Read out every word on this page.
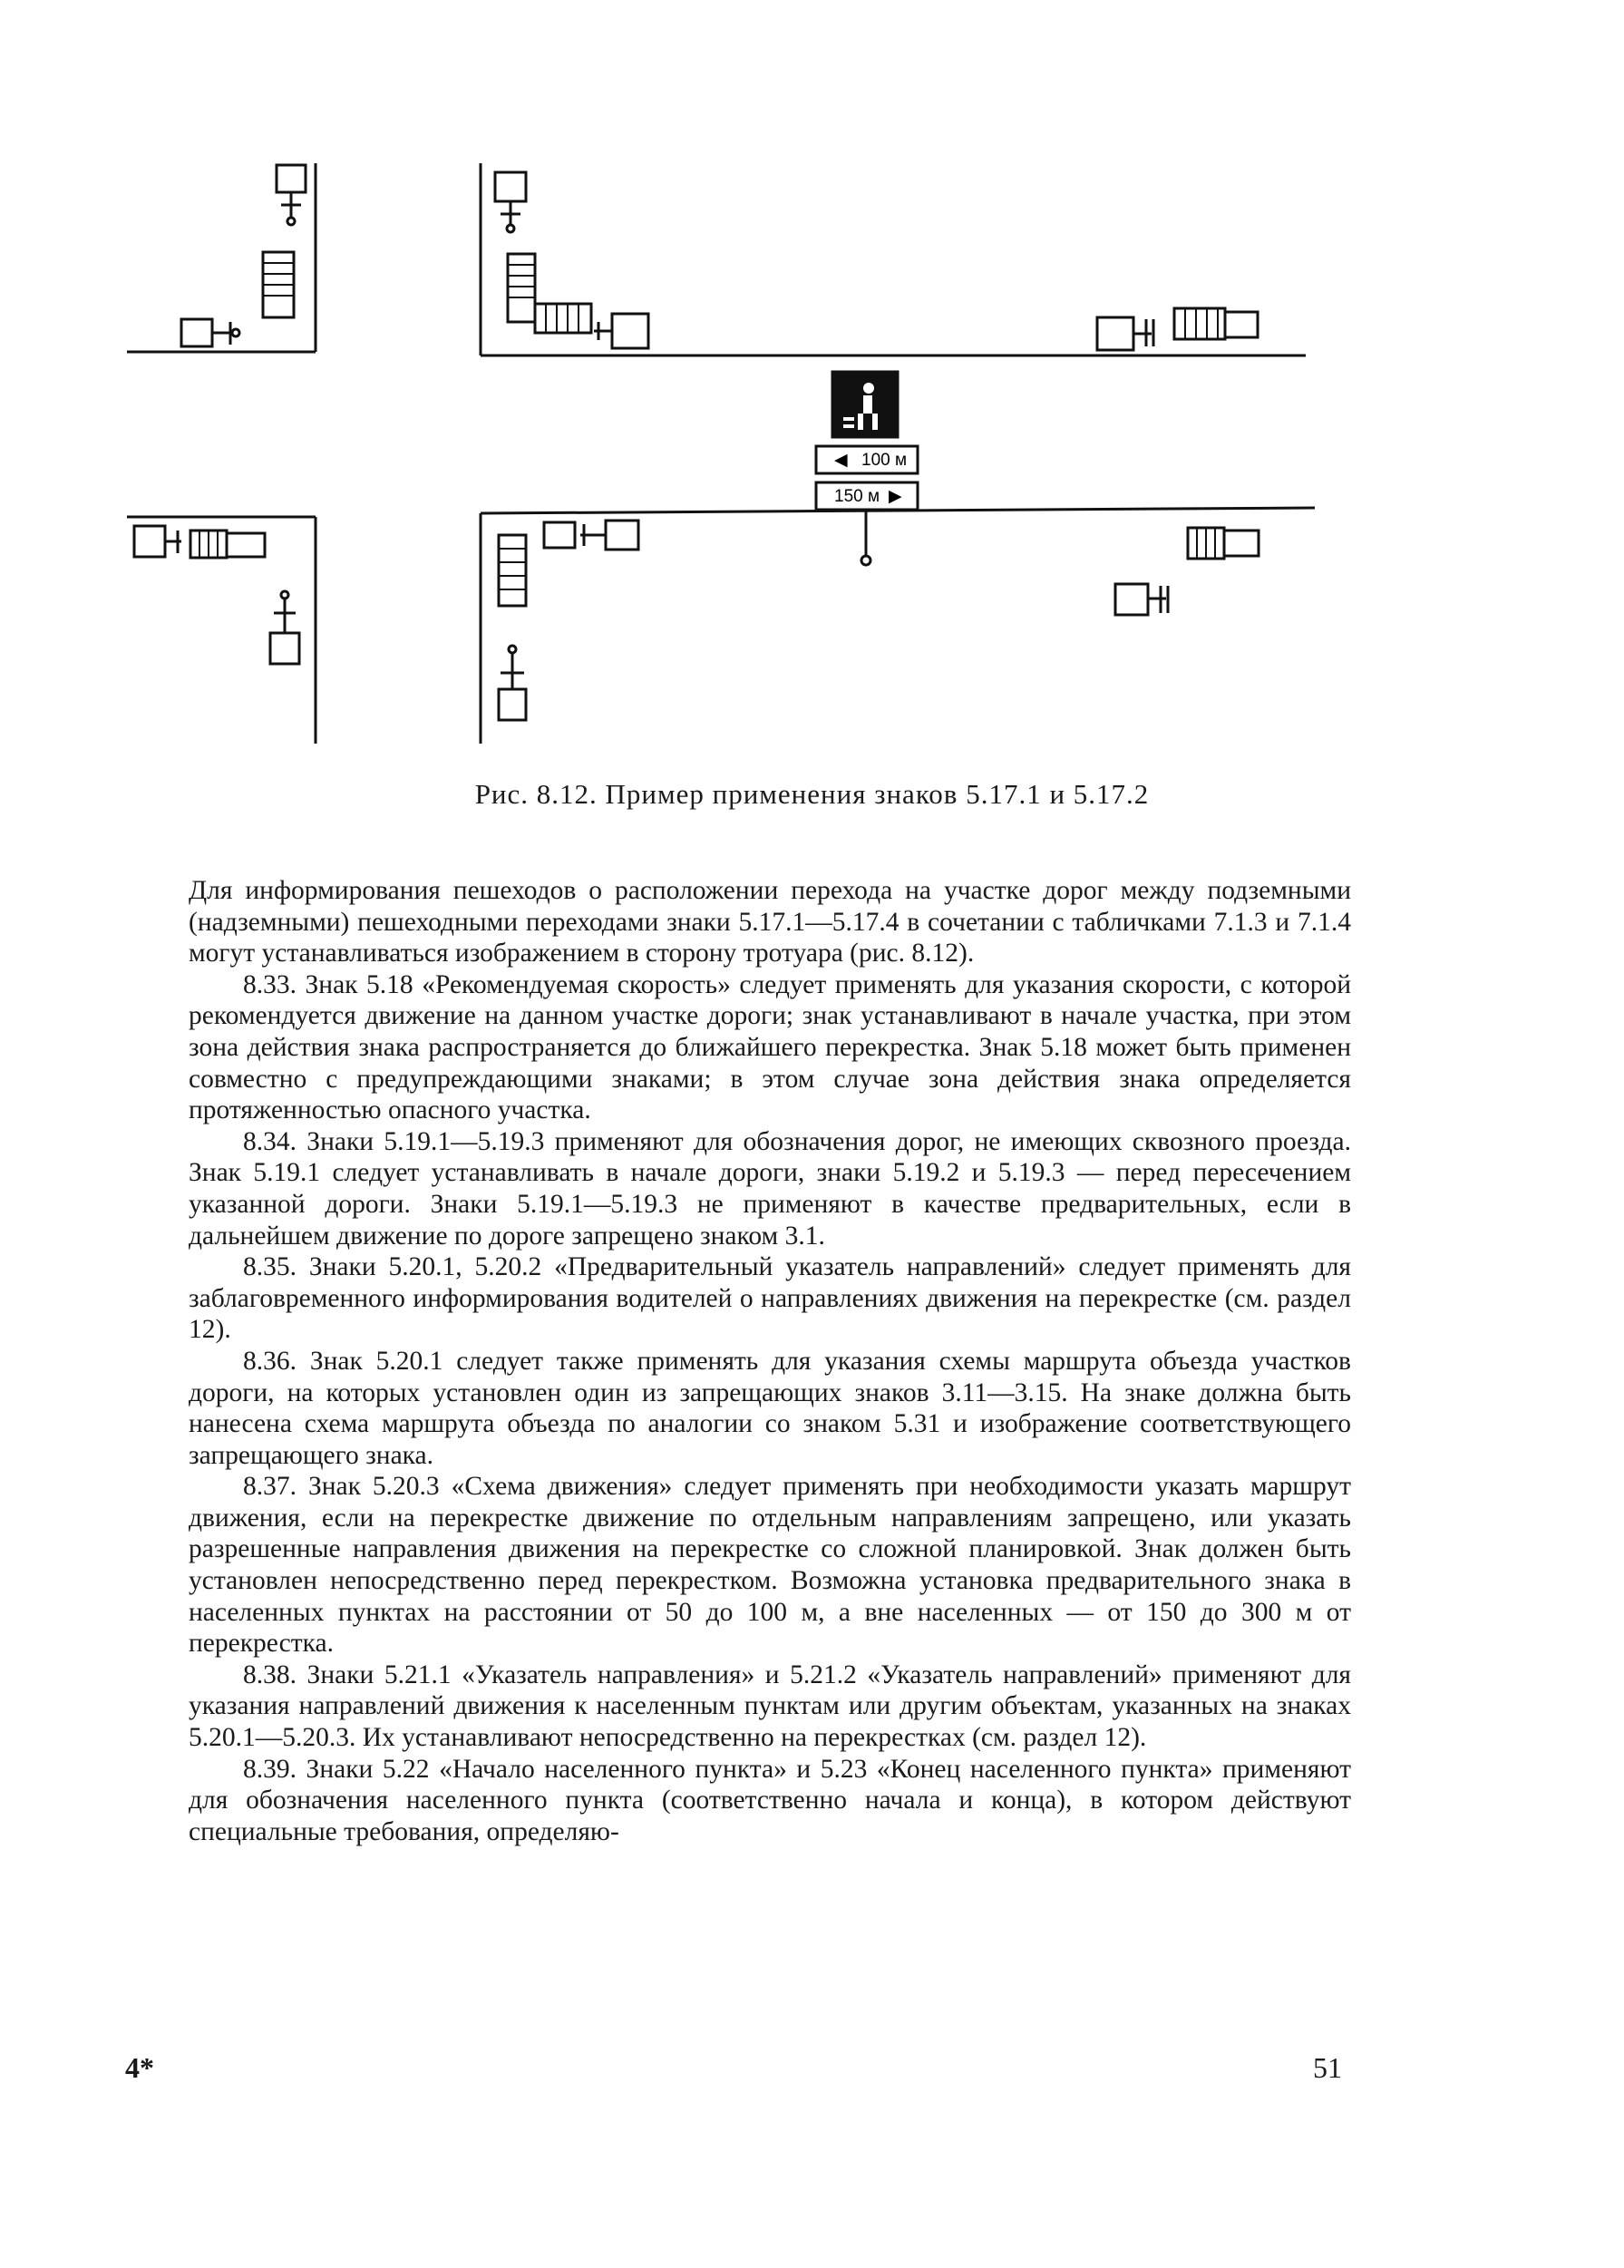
◀ 100 м
150 м ▶
Рис. 8.12. Пример применения знаков 5.17.1 и 5.17.2

Для информирования пешеходов о расположении перехода на участке дорог между подземными (надземными) пешеходными переходами знаки 5.17.1—5.17.4 в сочетании с табличками 7.1.3 и 7.1.4 могут устанавливаться изображением в сторону тротуара (рис. 8.12).

8.33. Знак 5.18 «Рекомендуемая скорость» следует применять для указания скорости, с которой рекомендуется движение на данном участке дороги; знак устанавливают в начале участка, при этом зона действия знака распространяется до ближайшего перекрестка. Знак 5.18 может быть применен совместно с предупреждающими знаками; в этом случае зона действия знака определяется протяженностью опасного участка.

8.34. Знаки 5.19.1—5.19.3 применяют для обозначения дорог, не имеющих сквозного проезда. Знак 5.19.1 следует устанавливать в начале дороги, знаки 5.19.2 и 5.19.3 — перед пересечением указанной дороги. Знаки 5.19.1—5.19.3 не применяют в качестве предварительных, если в дальнейшем движение по дороге запрещено знаком 3.1.

8.35. Знаки 5.20.1, 5.20.2 «Предварительный указатель направлений» следует применять для заблаговременного информирования водителей о направлениях движения на перекрестке (см. раздел 12).

8.36. Знак 5.20.1 следует также применять для указания схемы маршрута объезда участков дороги, на которых установлен один из запрещающих знаков 3.11—3.15. На знаке должна быть нанесена схема маршрута объезда по аналогии со знаком 5.31 и изображение соответствующего запрещающего знака.

8.37. Знак 5.20.3 «Схема движения» следует применять при необходимости указать маршрут движения, если на перекрестке движение по отдельным направлениям запрещено, или указать разрешенные направления движения на перекрестке со сложной планировкой. Знак должен быть установлен непосредственно перед перекрестком. Возможна установка предварительного знака в населенных пунктах на расстоянии от 50 до 100 м, а вне населенных — от 150 до 300 м от перекрестка.

8.38. Знаки 5.21.1 «Указатель направления» и 5.21.2 «Указатель направлений» применяют для указания направлений движения к населенным пунктам или другим объектам, указанных на знаках 5.20.1—5.20.3. Их устанавливают непосредственно на перекрестках (см. раздел 12).

8.39. Знаки 5.22 «Начало населенного пункта» и 5.23 «Конец населенного пункта» применяют для обозначения населенного пункта (соответственно начала и конца), в котором действуют специальные требования, определяю-

4*	51
